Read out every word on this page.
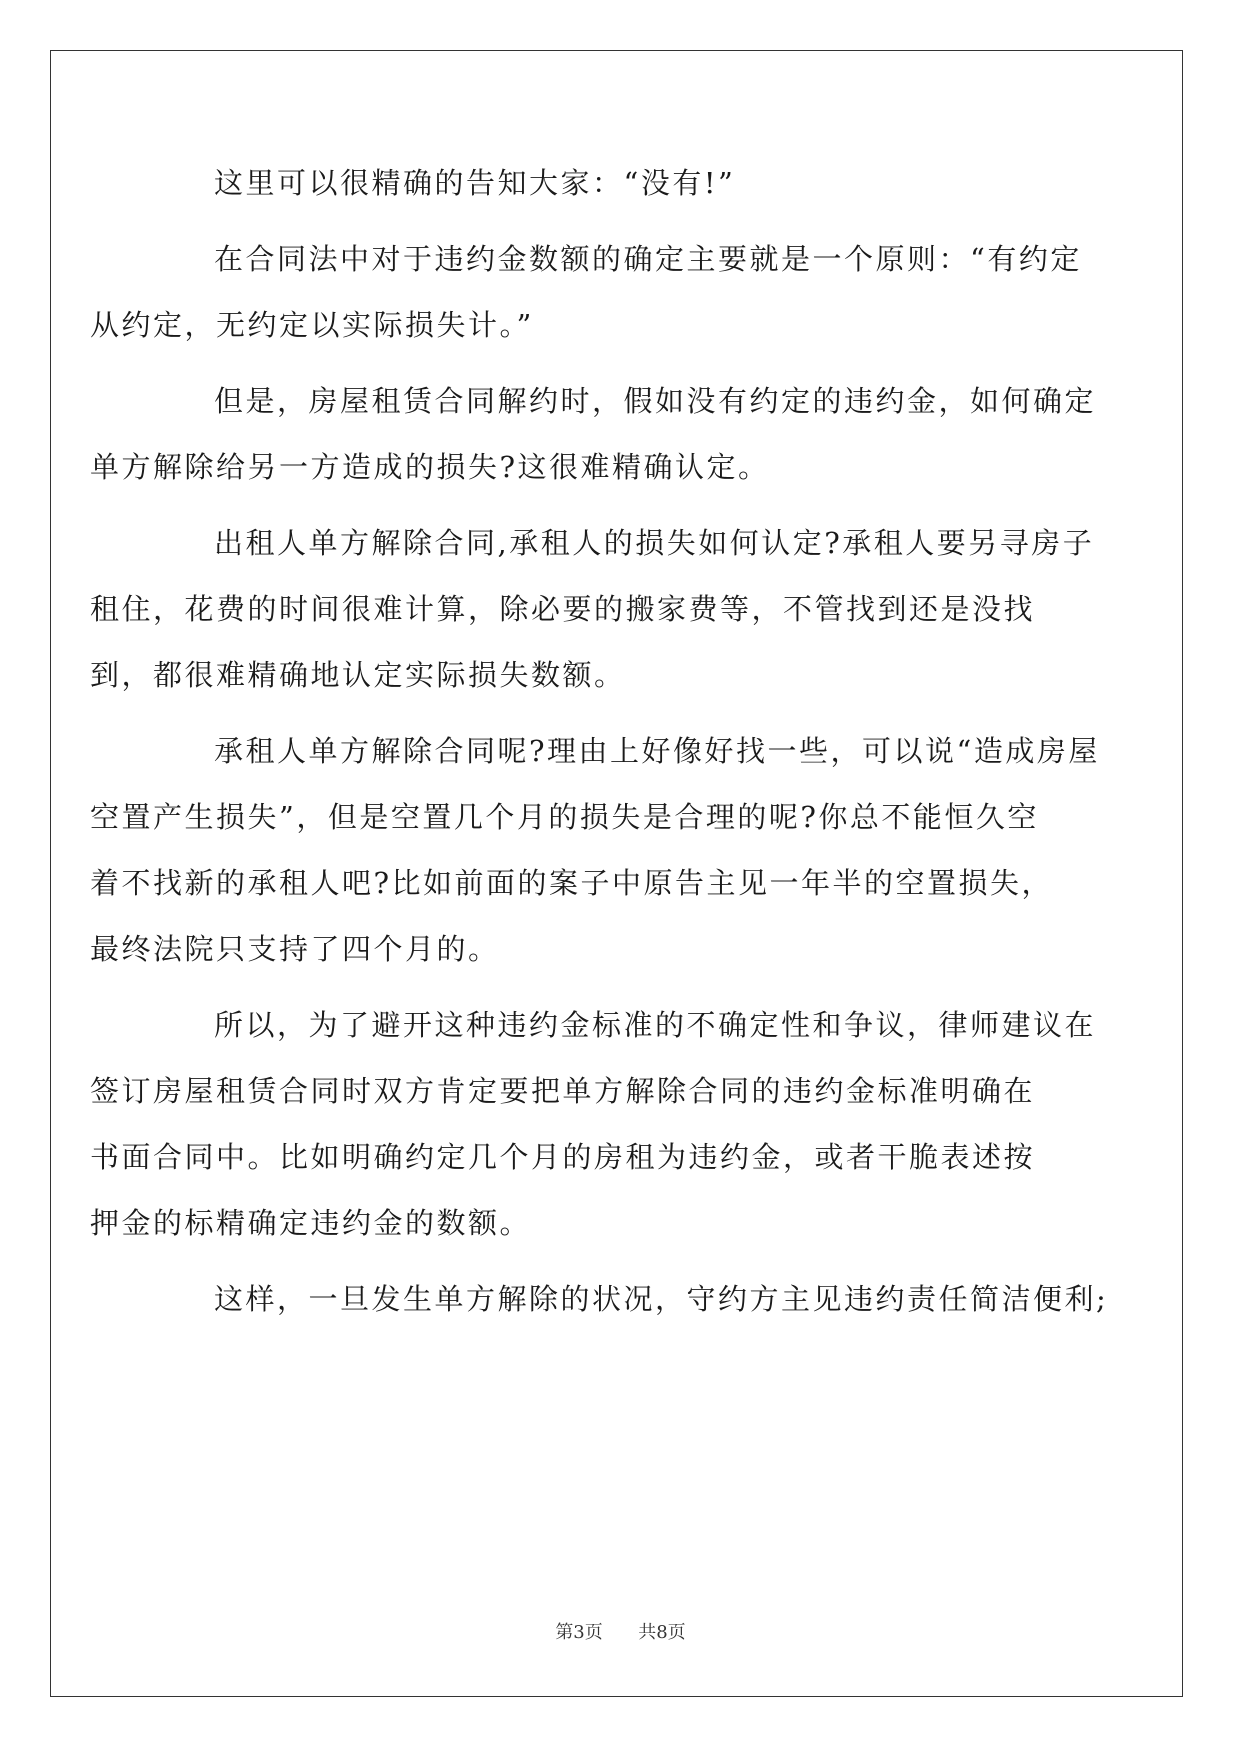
这里可以很精确的告知大家：“没有!”

在合同法中对于违约金数额的确定主要就是一个原则：“有约定
从约定，无约定以实际损失计。”

但是，房屋租赁合同解约时，假如没有约定的违约金，如何确定
单方解除给另一方造成的损失?这很难精确认定。

出租人单方解除合同,承租人的损失如何认定?承租人要另寻房子
租住，花费的时间很难计算，除必要的搬家费等，不管找到还是没找
到，都很难精确地认定实际损失数额。

承租人单方解除合同呢?理由上好像好找一些，可以说“造成房屋
空置产生损失”，但是空置几个月的损失是合理的呢?你总不能恒久空
着不找新的承租人吧?比如前面的案子中原告主见一年半的空置损失，
最终法院只支持了四个月的。

所以，为了避开这种违约金标准的不确定性和争议，律师建议在
签订房屋租赁合同时双方肯定要把单方解除合同的违约金标准明确在
书面合同中。比如明确约定几个月的房租为违约金，或者干脆表述按
押金的标精确定违约金的数额。

这样，一旦发生单方解除的状况，守约方主见违约责任简洁便利;

第3页 共8页
